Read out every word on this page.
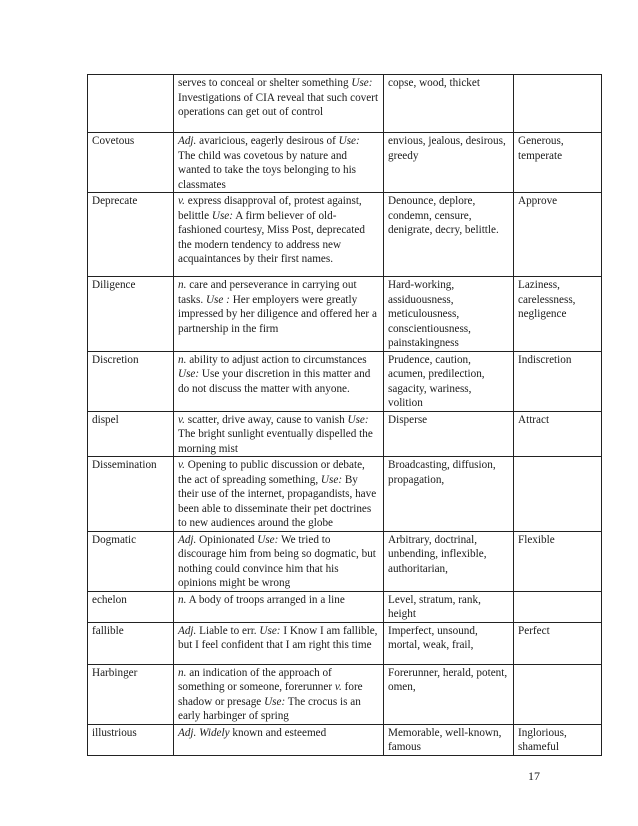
	serves to conceal or shelter something Use: Investigations of CIA reveal that such covert operations can get out of control	copse, wood, thicket	
Covetous	Adj. avaricious, eagerly desirous of Use: The child was covetous by nature and wanted to take the toys belonging to his classmates	envious, jealous, desirous, greedy	Generous, temperate
Deprecate	v. express disapproval of, protest against, belittle Use: A firm believer of old-fashioned courtesy, Miss Post, deprecated the modern tendency to address new acquaintances by their first names.	Denounce, deplore, condemn, censure, denigrate, decry, belittle.	Approve
Diligence	n. care and perseverance in carrying out tasks. Use : Her employers were greatly impressed by her diligence and offered her a partnership in the firm	Hard-working, assiduousness, meticulousness, conscientiousness, painstakingness	Laziness, carelessness, negligence
Discretion	n. ability to adjust action to circumstances Use: Use your discretion in this matter and do not discuss the matter with anyone.	Prudence, caution, acumen, predilection, sagacity, wariness, volition	Indiscretion
dispel	v. scatter, drive away, cause to vanish Use: The bright sunlight eventually dispelled the morning mist	Disperse	Attract
Dissemination	v. Opening to public discussion or debate, the act of spreading something, Use: By their use of the internet, propagandists, have been able to disseminate their pet doctrines to new audiences around the globe	Broadcasting, diffusion, propagation,	
Dogmatic	Adj. Opinionated Use: We tried to discourage him from being so dogmatic, but nothing could convince him that his opinions might be wrong	Arbitrary, doctrinal, unbending, inflexible, authoritarian,	Flexible
echelon	n. A body of troops arranged in a line	Level, stratum, rank, height	
fallible	Adj. Liable to err. Use: I Know I am fallible, but I feel confident that I am right this time	Imperfect, unsound, mortal, weak, frail,	Perfect
Harbinger	n. an indication of the approach of something or someone, forerunner v. fore shadow or presage Use: The crocus is an early harbinger of spring	Forerunner, herald, potent, omen,	
illustrious	Adj. Widely known and esteemed	Memorable, well-known, famous	Inglorious, shameful
17
